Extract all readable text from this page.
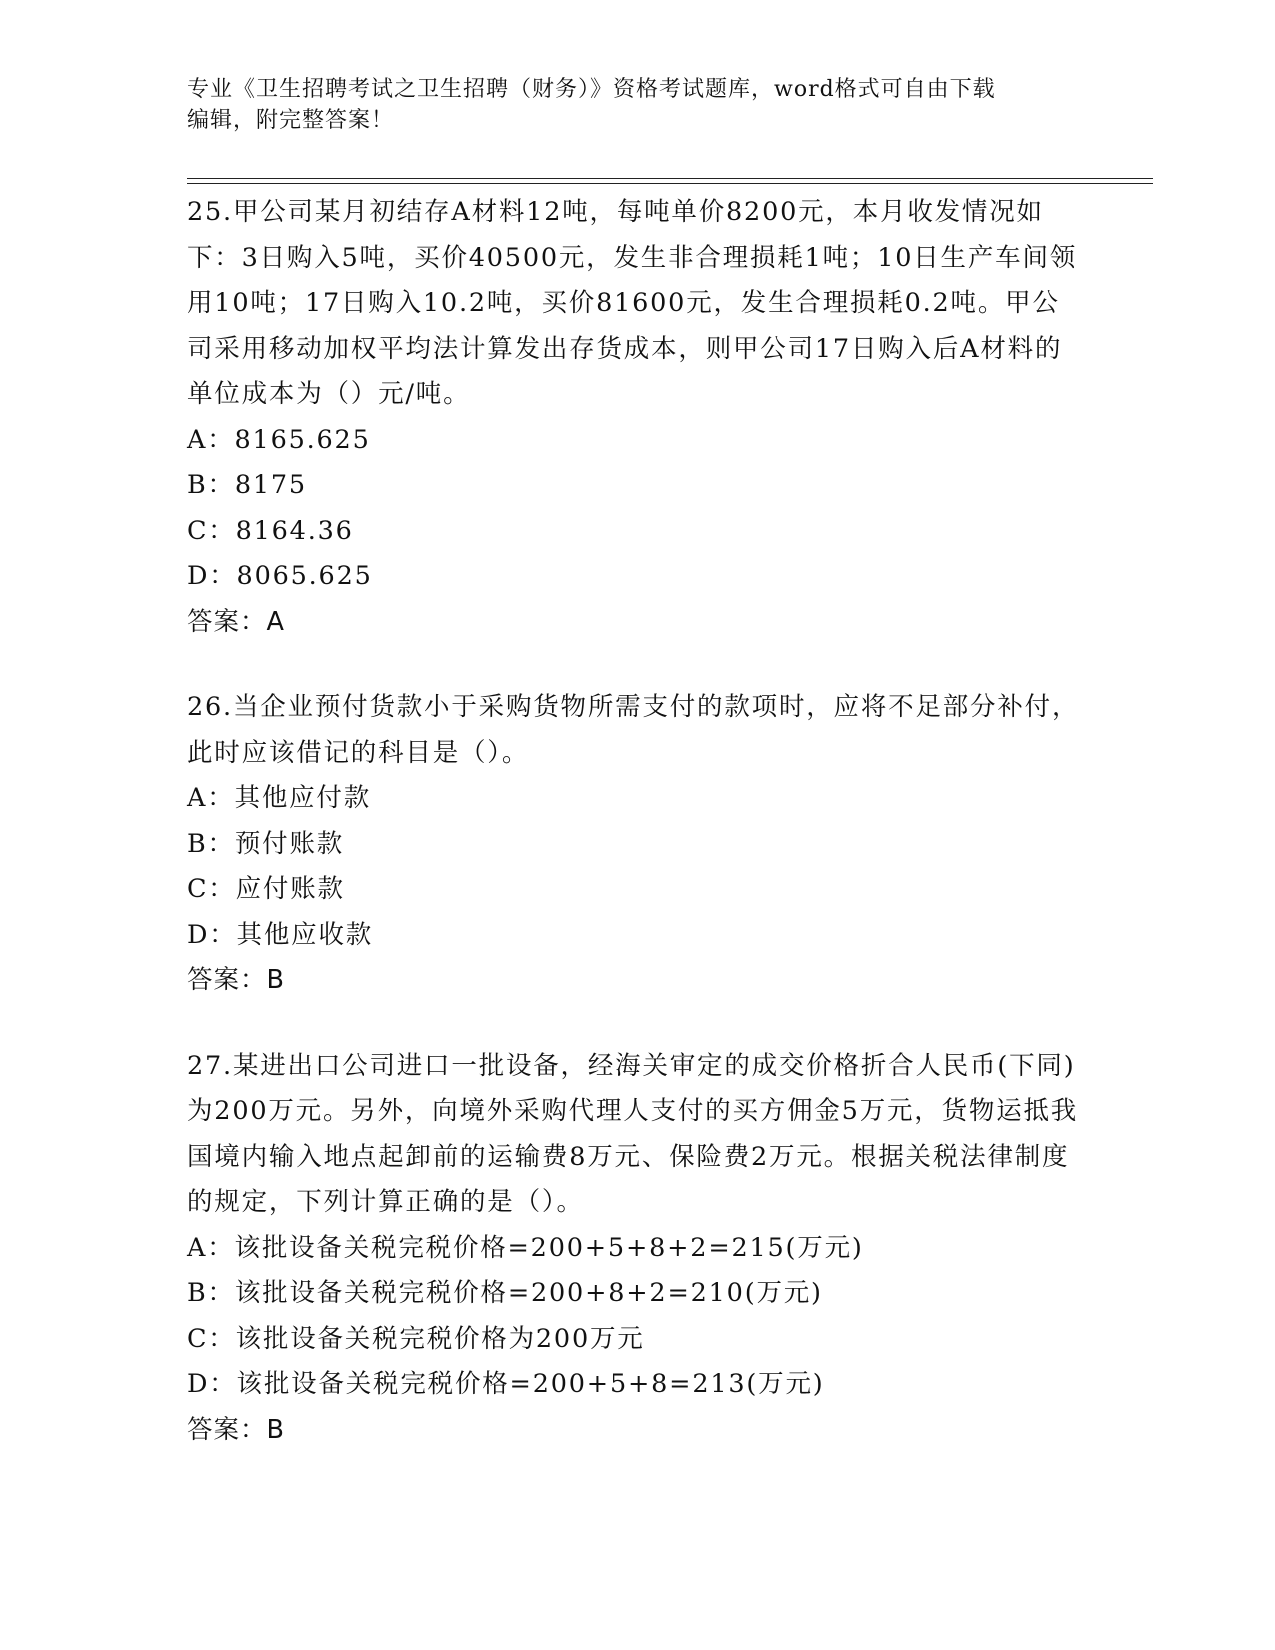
专业《卫生招聘考试之卫生招聘（财务）》资格考试题库，word格式可自由下载
编辑，附完整答案！
25.甲公司某月初结存A材料12吨，每吨单价8200元，本月收发情况如下：3日购入5吨，买价40500元，发生非合理损耗1吨；10日生产车间领用10吨；17日购入10.2吨，买价81600元，发生合理损耗0.2吨。甲公司采用移动加权平均法计算发出存货成本，则甲公司17日购入后A材料的单位成本为（）元/吨。
A：8165.625
B：8175
C：8164.36
D：8065.625
答案：A
26.当企业预付货款小于采购货物所需支付的款项时，应将不足部分补付，此时应该借记的科目是（）。
A：其他应付款
B：预付账款
C：应付账款
D：其他应收款
答案：B
27.某进出口公司进口一批设备，经海关审定的成交价格折合人民币(下同)为200万元。另外，向境外采购代理人支付的买方佣金5万元，货物运抵我国境内输入地点起卸前的运输费8万元、保险费2万元。根据关税法律制度的规定，下列计算正确的是（）。
A：该批设备关税完税价格=200+5+8+2=215(万元)
B：该批设备关税完税价格=200+8+2=210(万元)
C：该批设备关税完税价格为200万元
D：该批设备关税完税价格=200+5+8=213(万元)
答案：B
